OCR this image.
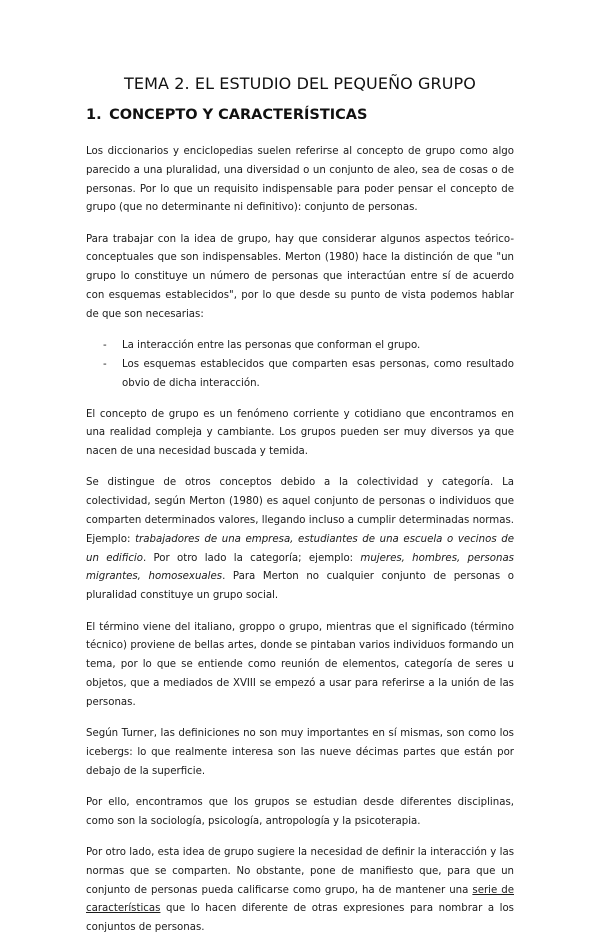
TEMA 2. EL ESTUDIO DEL PEQUEÑO GRUPO
1. CONCEPTO Y CARACTERÍSTICAS

Los diccionarios y enciclopedias suelen referirse al concepto de grupo como algo parecido a una pluralidad, una diversidad o un conjunto de aleo, sea de cosas o de personas. Por lo que un requisito indispensable para poder pensar el concepto de grupo (que no determinante ni definitivo): conjunto de personas.

Para trabajar con la idea de grupo, hay que considerar algunos aspectos teórico-conceptuales que son indispensables. Merton (1980) hace la distinción de que "un grupo lo constituye un número de personas que interactúan entre sí de acuerdo con esquemas establecidos", por lo que desde su punto de vista podemos hablar de que son necesarias:

- La interacción entre las personas que conforman el grupo.
- Los esquemas establecidos que comparten esas personas, como resultado obvio de dicha interacción.

El concepto de grupo es un fenómeno corriente y cotidiano que encontramos en una realidad compleja y cambiante. Los grupos pueden ser muy diversos ya que nacen de una necesidad buscada y temida.

Se distingue de otros conceptos debido a la colectividad y categoría. La colectividad, según Merton (1980) es aquel conjunto de personas o individuos que comparten determinados valores, llegando incluso a cumplir determinadas normas. Ejemplo: trabajadores de una empresa, estudiantes de una escuela o vecinos de un edificio. Por otro lado la categoría; ejemplo: mujeres, hombres, personas migrantes, homosexuales. Para Merton no cualquier conjunto de personas o pluralidad constituye un grupo social.

El término viene del italiano, groppo o grupo, mientras que el significado (término técnico) proviene de bellas artes, donde se pintaban varios individuos formando un tema, por lo que se entiende como reunión de elementos, categoría de seres u objetos, que a mediados de XVIII se empezó a usar para referirse a la unión de las personas.

Según Turner, las definiciones no son muy importantes en sí mismas, son como los icebergs: lo que realmente interesa son las nueve décimas partes que están por debajo de la superficie.

Por ello, encontramos que los grupos se estudian desde diferentes disciplinas, como son la sociología, psicología, antropología y la psicoterapia.

Por otro lado, esta idea de grupo sugiere la necesidad de definir la interacción y las normas que se comparten. No obstante, pone de manifiesto que, para que un conjunto de personas pueda calificarse como grupo, ha de mantener una serie de características que lo hacen diferente de otras expresiones para nombrar a los conjuntos de personas.
